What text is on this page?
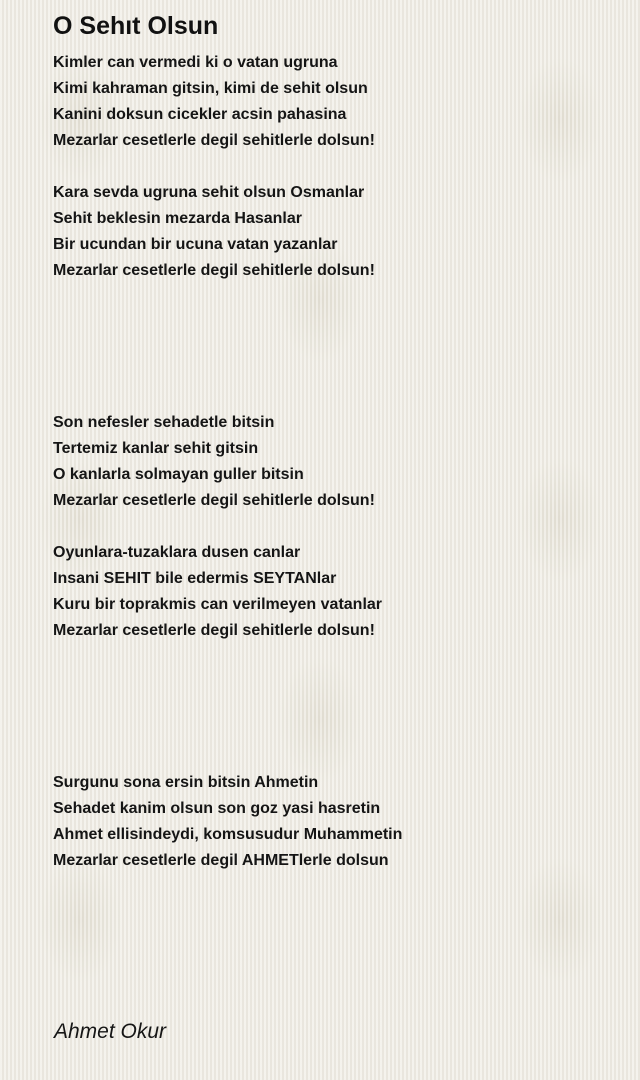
O Sehıt Olsun
Kimler can vermedi ki o vatan ugruna
Kimi kahraman gitsin, kimi de sehit olsun
Kanini doksun cicekler acsin pahasina
Mezarlar cesetlerle degil sehitlerle dolsun!
Kara sevda ugruna sehit olsun Osmanlar
Sehit beklesin mezarda Hasanlar
Bir ucundan bir ucuna vatan yazanlar
Mezarlar cesetlerle degil sehitlerle dolsun!
Son nefesler sehadetle bitsin
Tertemiz kanlar sehit gitsin
O kanlarla solmayan guller bitsin
Mezarlar cesetlerle degil sehitlerle dolsun!
Oyunlara-tuzaklara dusen canlar
Insani SEHIT bile edermis SEYTANlar
Kuru bir toprakmis can verilmeyen vatanlar
Mezarlar cesetlerle degil sehitlerle dolsun!
Surgunu sona ersin bitsin Ahmetin
Sehadet kanim olsun son goz yasi hasretin
Ahmet ellisindeydi, komsusudur Muhammetin
Mezarlar cesetlerle degil AHMETlerle dolsun
Ahmet Okur
